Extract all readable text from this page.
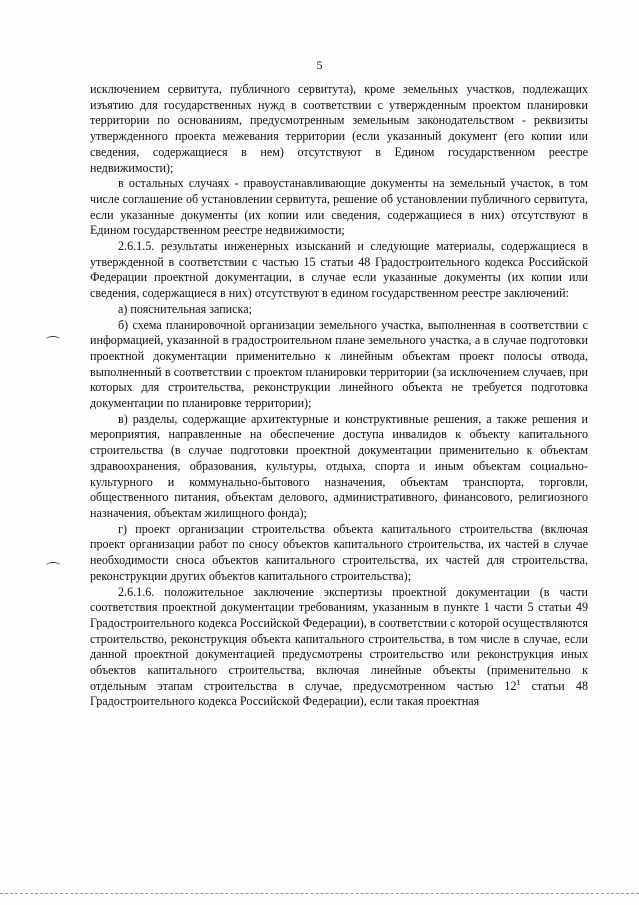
5

исключением сервитута, публичного сервитута), кроме земельных участков, подлежащих изъятию для государственных нужд в соответствии с утвержденным проектом планировки территории по основаниям, предусмотренным земельным законодательством - реквизиты утвержденного проекта межевания территории (если указанный документ (его копии или сведения, содержащиеся в нем) отсутствуют в Едином государственном реестре недвижимости);

в остальных случаях - правоустанавливающие документы на земельный участок, в том числе соглашение об установлении сервитута, решение об установлении публичного сервитута, если указанные документы (их копии или сведения, содержащиеся в них) отсутствуют в Едином государственном реестре недвижимости;

2.6.1.5. результаты инженерных изысканий и следующие материалы, содержащиеся в утвержденной в соответствии с частью 15 статьи 48 Градостроительного кодекса Российской Федерации проектной документации, в случае если указанные документы (их копии или сведения, содержащиеся в них) отсутствуют в едином государственном реестре заключений:

а) пояснительная записка;

б) схема планировочной организации земельного участка, выполненная в соответствии с информацией, указанной в градостроительном плане земельного участка, а в случае подготовки проектной документации применительно к линейным объектам проект полосы отвода, выполненный в соответствии с проектом планировки территории (за исключением случаев, при которых для строительства, реконструкции линейного объекта не требуется подготовка документации по планировке территории);

в) разделы, содержащие архитектурные и конструктивные решения, а также решения и мероприятия, направленные на обеспечение доступа инвалидов к объекту капитального строительства (в случае подготовки проектной документации применительно к объектам здравоохранения, образования, культуры, отдыха, спорта и иным объектам социально-культурного и коммунально-бытового назначения, объектам транспорта, торговли, общественного питания, объектам делового, административного, финансового, религиозного назначения, объектам жилищного фонда);

г) проект организации строительства объекта капитального строительства (включая проект организации работ по сносу объектов капитального строительства, их частей в случае необходимости сноса объектов капитального строительства, их частей для строительства, реконструкции других объектов капитального строительства);

2.6.1.6. положительное заключение экспертизы проектной документации (в части соответствия проектной документации требованиям, указанным в пункте 1 части 5 статьи 49 Градостроительного кодекса Российской Федерации), в соответствии с которой осуществляются строительство, реконструкция объекта капитального строительства, в том числе в случае, если данной проектной документацией предусмотрены строительство или реконструкция иных объектов капитального строительства, включая линейные объекты (применительно к отдельным этапам строительства в случае, предусмотренном частью $12^1$ статьи 48 Градостроительного кодекса Российской Федерации), если такая проектная
